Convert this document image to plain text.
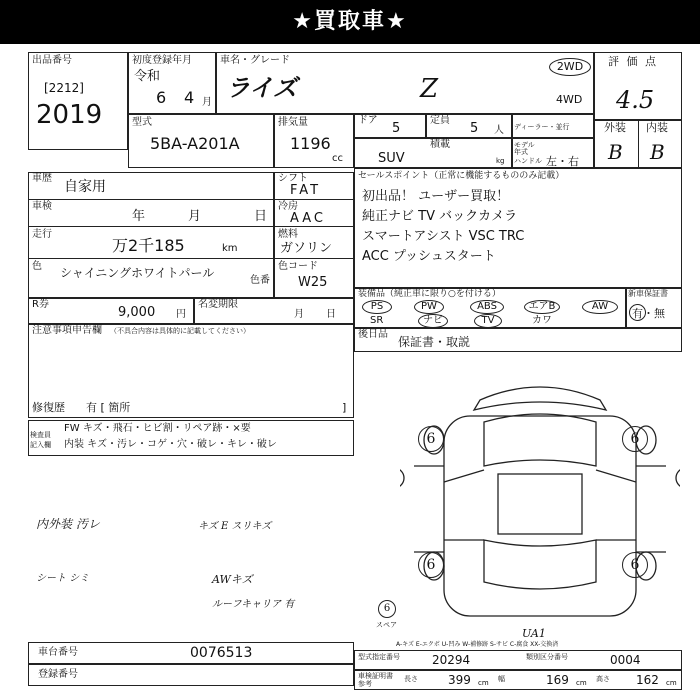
★買取車★
出品番号
[2212]
2019
初度登録年月
令和
6 4 月
車名・グレード
ライズ	Z
2WD
4WD
評 価 点
4.5
型式
5BA-A201A
排気量
1196
cc
ドア
5
定員
5 人 ディーラー・並行
積載
SUV	kg
モデル 年式
ハンドル 左・右
外装 内装
B B
車歴
自家用
車検
年	月	日
走行
万2千185	km
色 シャイニングホワイトパール
色番
シフト
FAT
冷房
AAC
燃料
ガソリン
色コード
W25
セールスポイント（正常に機能するもののみ記載）
初出品！ ユーザー買取！
純正ナビ TV バックカメラ
スマートアシスト VSC TRC
ACC プッシュスタート
R券
9,000 円
名変期限
月 日
装備品（純正車に限り○を付ける）
PS	PW	ABS	エアB	AW
SR	ナビ	TV	カワ
新車保証書
有・無
後日品
保証書・取説
注意事項申告欄 （不具合内容は具体的に記載してください）
修復歴 有 [ 箇所	]
検査員 記入欄
FW キズ・飛石・ヒビ割・リペア跡・×要
内装 キズ・汚レ・コゲ・穴・破レ・キレ・破レ
内外装 汚レ	キズ E スリキズ
シート シミ	AWキズ
ルーフキャリア 有
6	6
6	6
6
スペア
UA1
A-キズ E-エクボ U-凹み W-補修跡 S-サビ C-腐食 XX-交換済
車台番号	0076513
登録番号
型式指定番号	20294	類別区分番号	0004
車検証明書 参考
長さ	399 cm 幅	169 cm 高さ 162 cm
